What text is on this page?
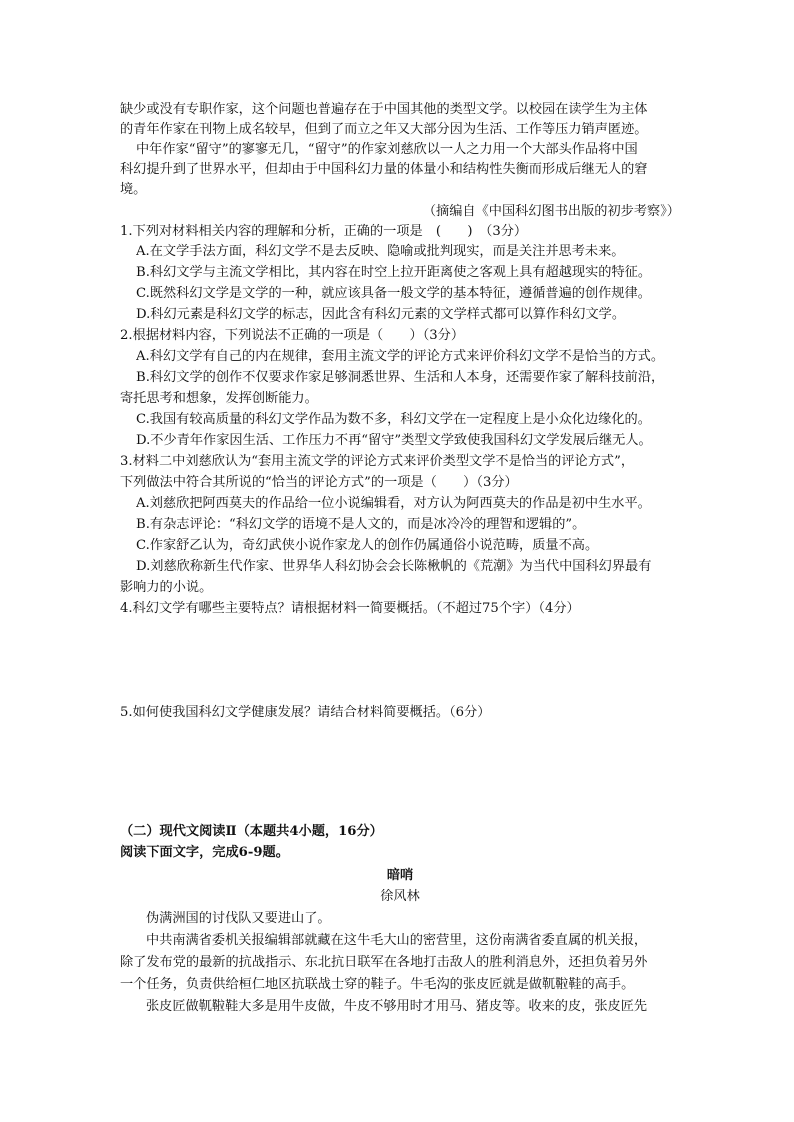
缺少或没有专职作家，这个问题也普遍存在于中国其他的类型文学。以校园在读学生为主体
的青年作家在刊物上成名较早，但到了而立之年又大部分因为生活、工作等压力销声匿迹。
中年作家“留守”的寥寥无几，“留守”的作家刘慈欣以一人之力用一个大部头作品将中国
科幻提升到了世界水平，但却由于中国科幻力量的体量小和结构性失衡而形成后继无人的窘
境。
（摘编自《中国科幻图书出版的初步考察》）
1.下列对材料相关内容的理解和分析，正确的一项是　(　　)　（3分）
A.在文学手法方面，科幻文学不是去反映、隐喻或批判现实，而是关注并思考未来。
B.科幻文学与主流文学相比，其内容在时空上拉开距离使之客观上具有超越现实的特征。
C.既然科幻文学是文学的一种，就应该具备一般文学的基本特征，遵循普遍的创作规律。
D.科幻元素是科幻文学的标志，因此含有科幻元素的文学样式都可以算作科幻文学。
2.根据材料内容，下列说法不正确的一项是（　　）（3分）
A.科幻文学有自己的内在规律，套用主流文学的评论方式来评价科幻文学不是恰当的方式。
B.科幻文学的创作不仅要求作家足够洞悉世界、生活和人本身，还需要作家了解科技前沿，
寄托思考和想象，发挥创断能力。
C.我国有较高质量的科幻文学作品为数不多，科幻文学在一定程度上是小众化边缘化的。
D.不少青年作家因生活、工作压力不再“留守”类型文学致使我国科幻文学发展后继无人。
3.材料二中刘慈欣认为“套用主流文学的评论方式来评价类型文学不是恰当的评论方式”，
下列做法中符合其所说的“恰当的评论方式”的一项是（　　）（3分）
A.刘慈欣把阿西莫夫的作品给一位小说编辑看，对方认为阿西莫夫的作品是初中生水平。
B.有杂志评论：“科幻文学的语境不是人文的，而是冰冷冷的理智和逻辑的”。
C.作家舒乙认为，奇幻武侠小说作家龙人的创作仍属通俗小说范畴，质量不高。
D.刘慈欣称新生代作家、世界华人科幻协会会长陈楸帆的《荒潮》为当代中国科幻界最有
影响力的小说。
4.科幻文学有哪些主要特点？请根据材料一简要概括。（不超过75个字）（4分）
5.如何使我国科幻文学健康发展？请结合材料简要概括。（6分）
（二）现代文阅读Ⅱ（本题共4小题，16分）
阅读下面文字，完成6-9题。
暗哨
徐风林
伪满洲国的讨伐队又要进山了。
中共南满省委机关报编辑部就藏在这牛毛大山的密营里，这份南满省委直属的机关报，
除了发布党的最新的抗战指示、东北抗日联军在各地打击敌人的胜利消息外，还担负着另外
一个任务，负责供给桓仁地区抗联战士穿的鞋子。牛毛沟的张皮匠就是做靰鞡鞋的高手。
张皮匠做靰鞡鞋大多是用牛皮做，牛皮不够用时才用马、猪皮等。收来的皮，张皮匠先
